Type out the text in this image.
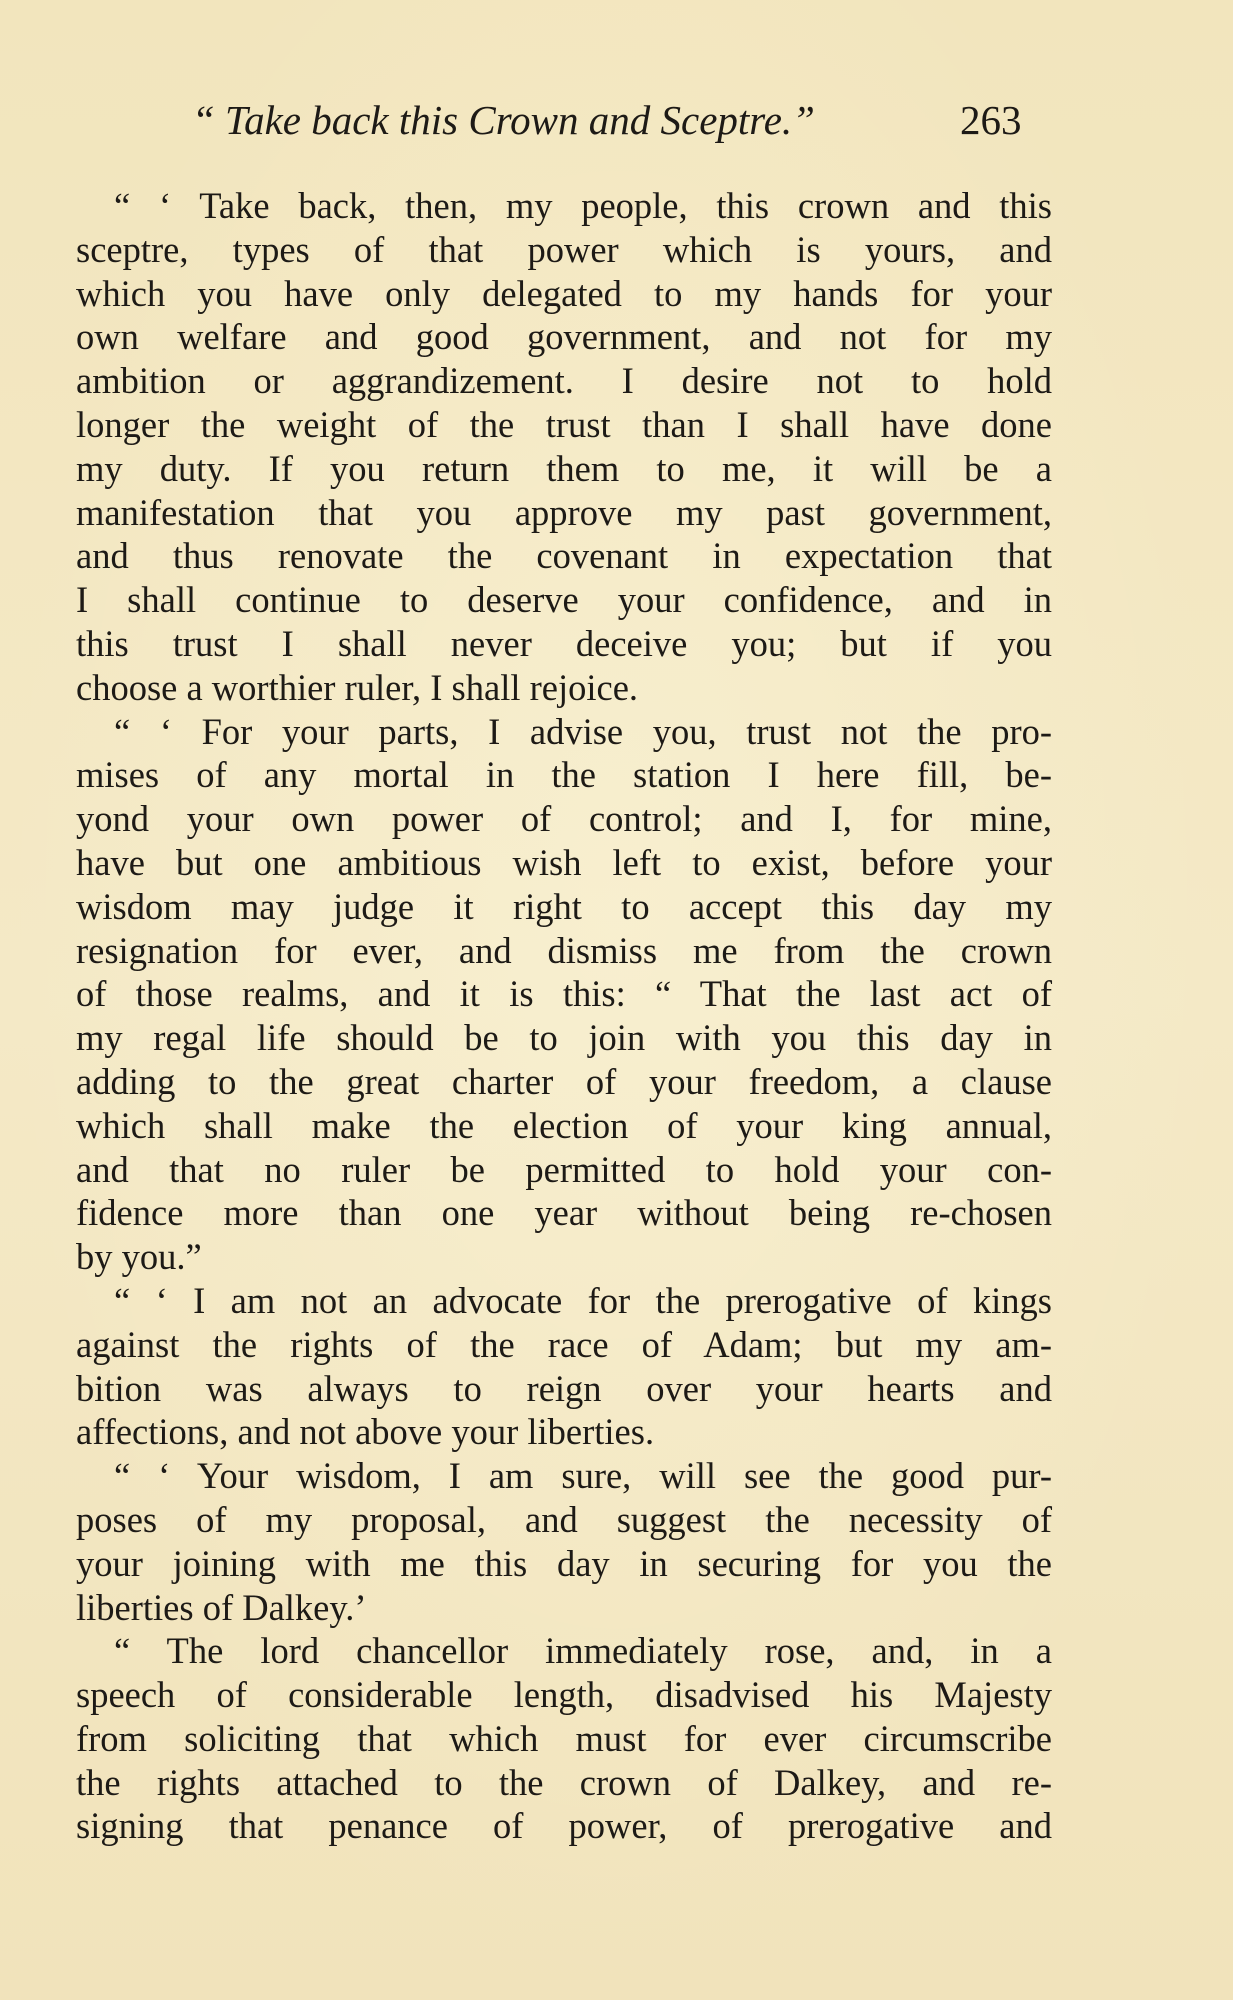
“ Take back this Crown and Sceptre.”	263
“ ‘ Take back, then, my people, this crown and this
sceptre, types of that power which is yours, and
which you have only delegated to my hands for your
own welfare and good government, and not for my
ambition or aggrandizement. I desire not to hold
longer the weight of the trust than I shall have done
my duty. If you return them to me, it will be a
manifestation that you approve my past government,
and thus renovate the covenant in expectation that
I shall continue to deserve your confidence, and in
this trust I shall never deceive you; but if you
choose a worthier ruler, I shall rejoice.
“ ‘ For your parts, I advise you, trust not the pro-
mises of any mortal in the station I here fill, be-
yond your own power of control; and I, for mine,
have but one ambitious wish left to exist, before your
wisdom may judge it right to accept this day my
resignation for ever, and dismiss me from the crown
of those realms, and it is this: “ That the last act of
my regal life should be to join with you this day in
adding to the great charter of your freedom, a clause
which shall make the election of your king annual,
and that no ruler be permitted to hold your con-
fidence more than one year without being re-chosen
by you.”
“ ‘ I am not an advocate for the prerogative of kings
against the rights of the race of Adam; but my am-
bition was always to reign over your hearts and
affections, and not above your liberties.
“ ‘ Your wisdom, I am sure, will see the good pur-
poses of my proposal, and suggest the necessity of
your joining with me this day in securing for you the
liberties of Dalkey.’
“ The lord chancellor immediately rose, and, in a
speech of considerable length, disadvised his Majesty
from soliciting that which must for ever circumscribe
the rights attached to the crown of Dalkey, and re-
signing that penance of power, of prerogative and
